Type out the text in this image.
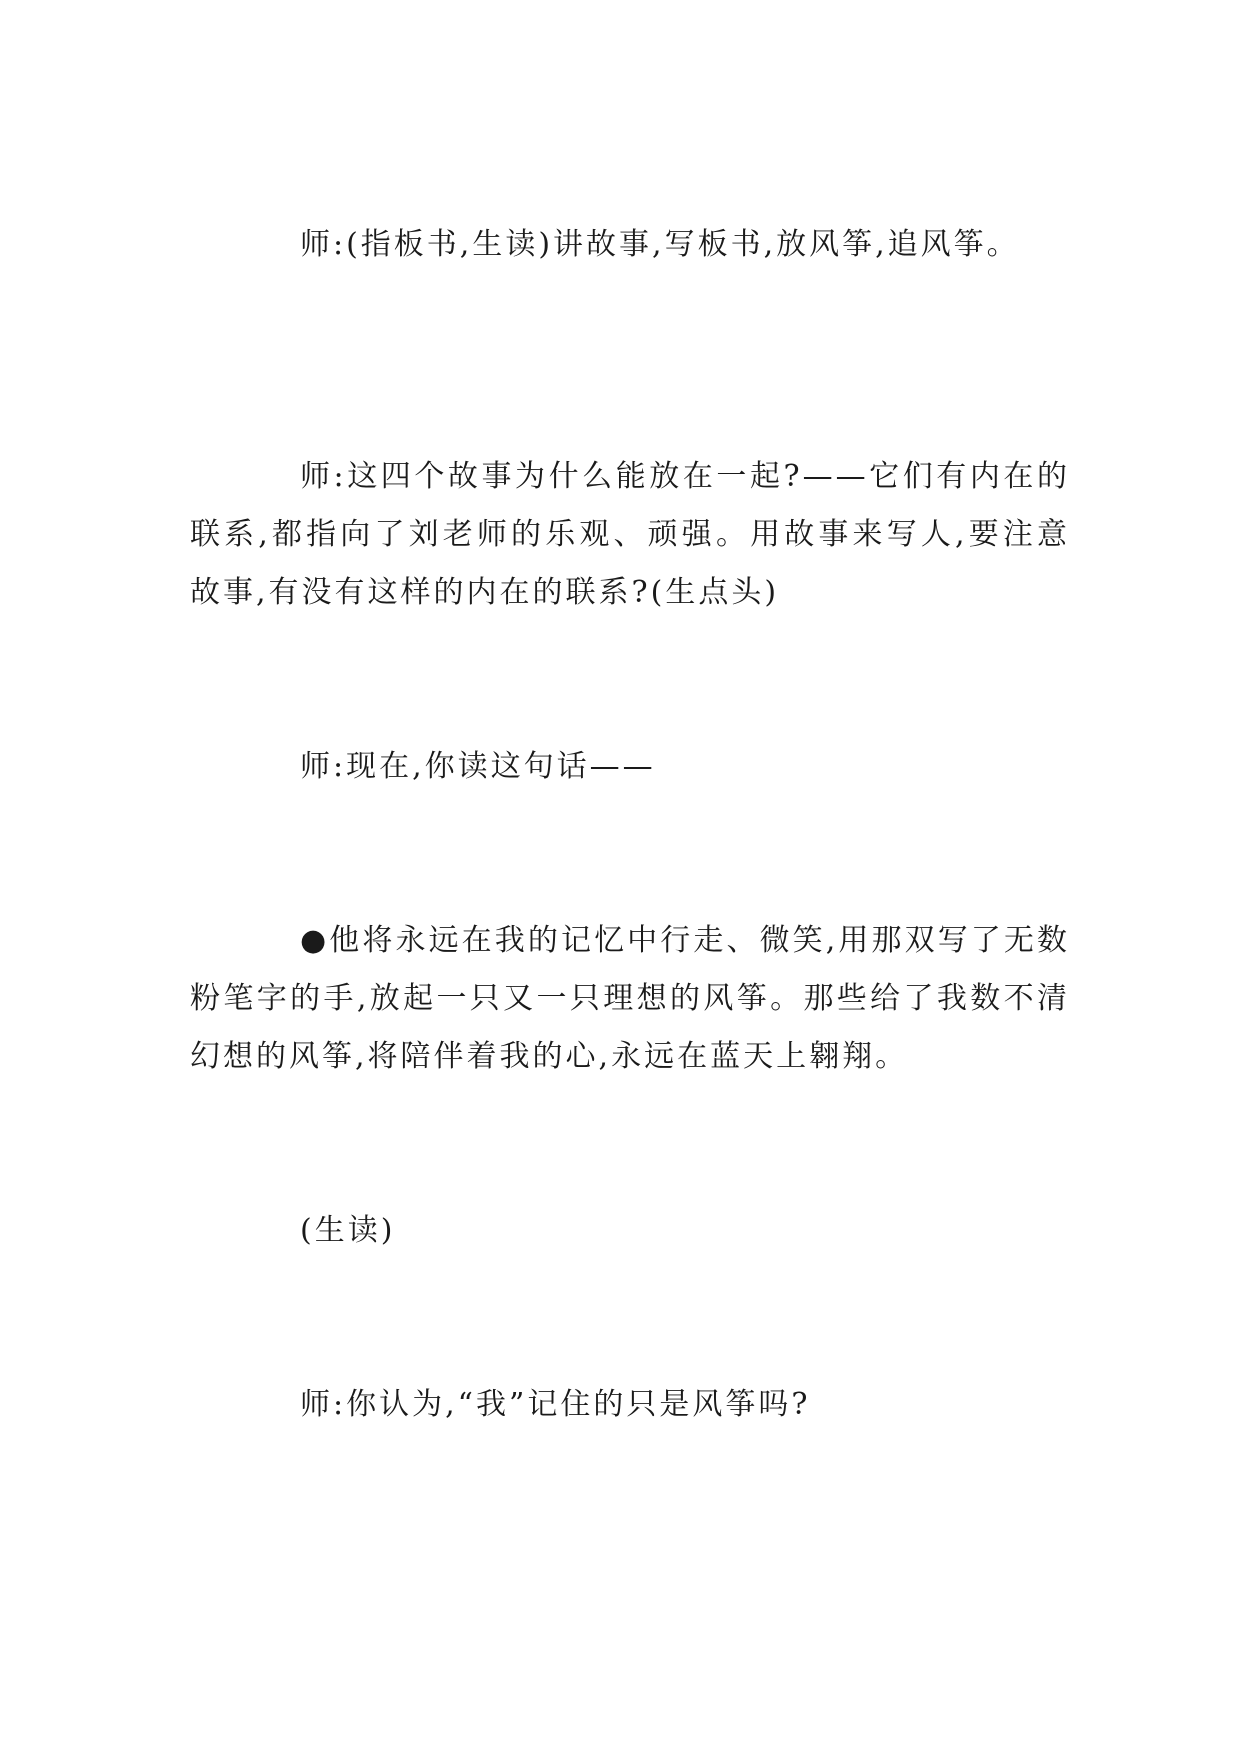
师:(指板书,生读)讲故事,写板书,放风筝,追风筝。

师:这四个故事为什么能放在一起?——它们有内在的联系,都指向了刘老师的乐观、顽强。用故事来写人,要注意故事,有没有这样的内在的联系?(生点头)

师:现在,你读这句话——

●他将永远在我的记忆中行走、微笑,用那双写了无数粉笔字的手,放起一只又一只理想的风筝。那些给了我数不清幻想的风筝,将陪伴着我的心,永远在蓝天上翱翔。

(生读)

师:你认为,“我”记住的只是风筝吗?
